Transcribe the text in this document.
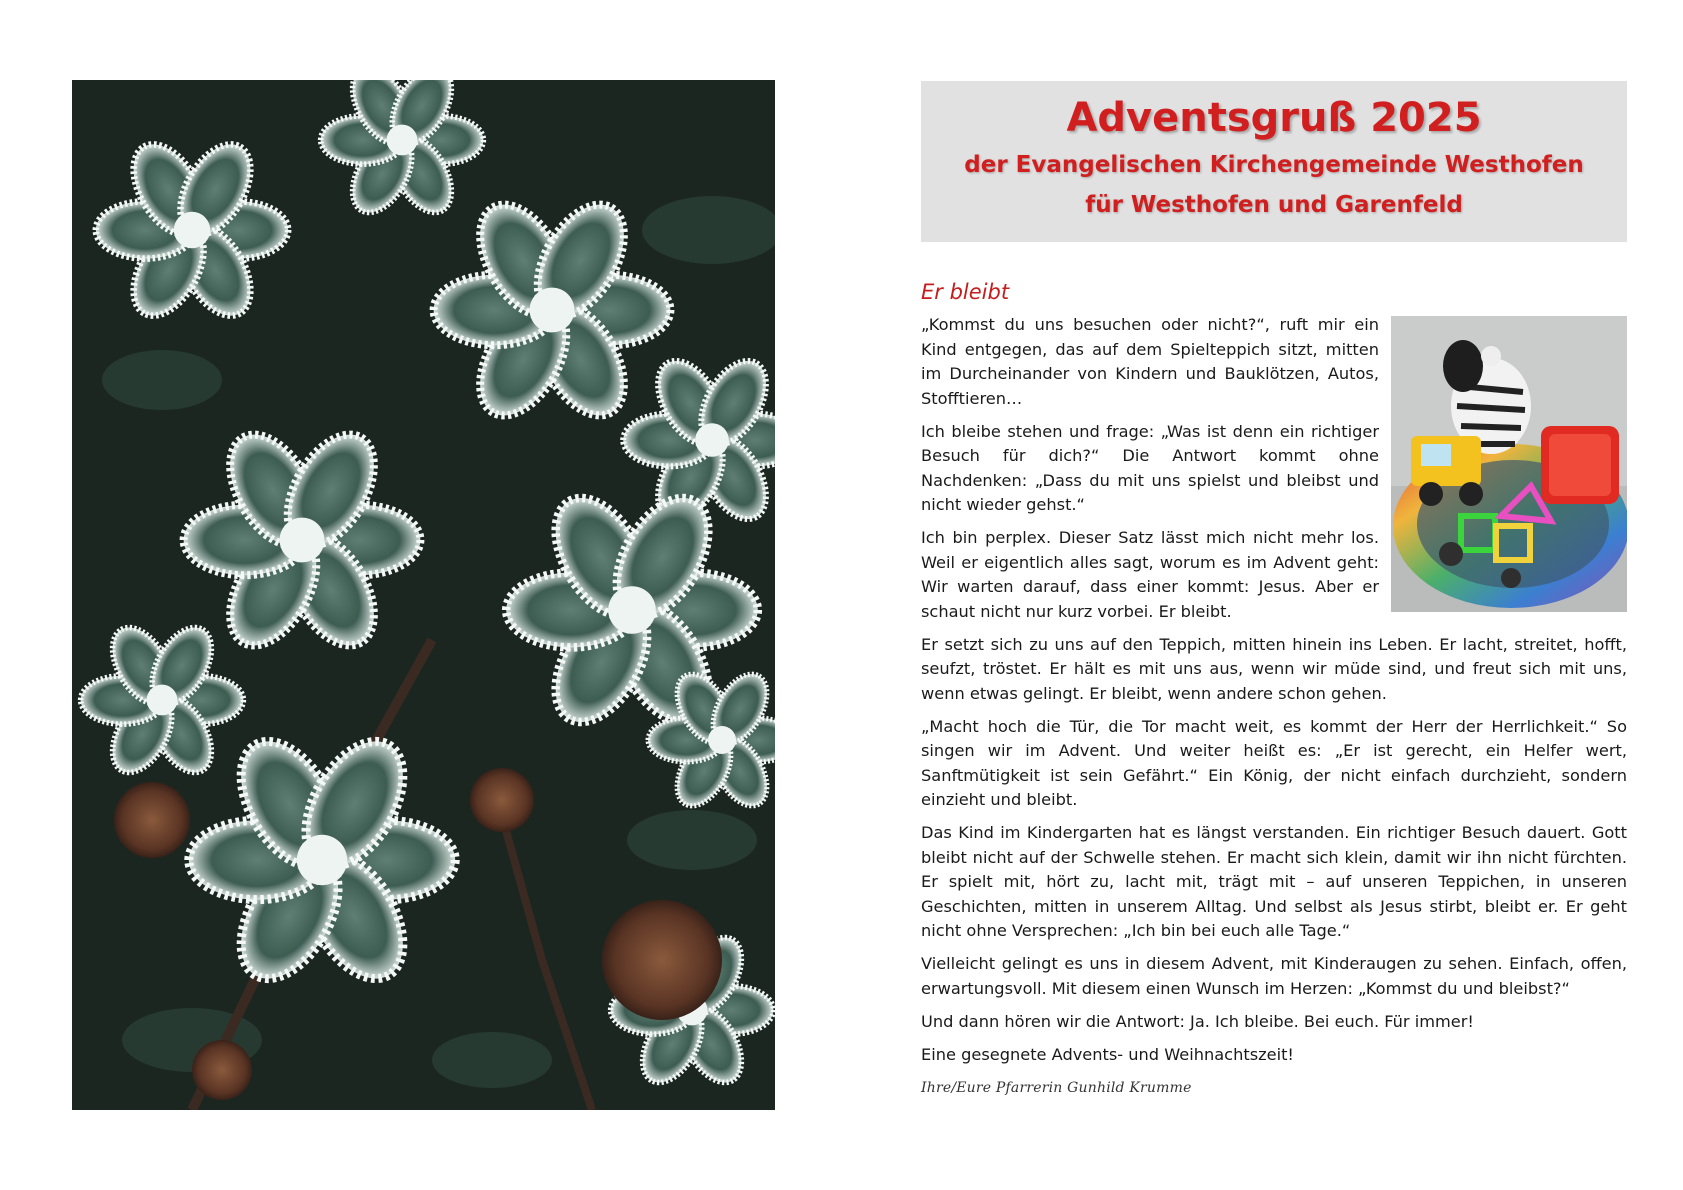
Adventsgruß 2025
der Evangelischen Kirchengemeinde Westhofen
für Westhofen und Garenfeld
Er bleibt

„Kommst du uns besuchen oder nicht?“, ruft mir ein Kind entgegen, das auf dem Spielteppich sitzt, mitten im Durcheinander von Kindern und Bauklötzen, Autos, Stofftieren…

Ich bleibe stehen und frage: „Was ist denn ein richtiger Besuch für dich?“ Die Antwort kommt ohne Nachdenken: „Dass du mit uns spielst und bleibst und nicht wieder gehst.“

Ich bin perplex. Dieser Satz lässt mich nicht mehr los. Weil er eigentlich alles sagt, worum es im Advent geht: Wir warten darauf, dass einer kommt: Jesus. Aber er schaut nicht nur kurz vorbei. Er bleibt.

Er setzt sich zu uns auf den Teppich, mitten hinein ins Leben. Er lacht, streitet, hofft, seufzt, tröstet. Er hält es mit uns aus, wenn wir müde sind, und freut sich mit uns, wenn etwas gelingt. Er bleibt, wenn andere schon gehen.

„Macht hoch die Tür, die Tor macht weit, es kommt der Herr der Herrlichkeit.“ So singen wir im Advent. Und weiter heißt es: „Er ist gerecht, ein Helfer wert, Sanftmütigkeit ist sein Gefährt.“ Ein König, der nicht einfach durchzieht, sondern einzieht und bleibt.

Das Kind im Kindergarten hat es längst verstanden. Ein richtiger Besuch dauert. Gott bleibt nicht auf der Schwelle stehen. Er macht sich klein, damit wir ihn nicht fürchten. Er spielt mit, hört zu, lacht mit, trägt mit – auf unseren Teppichen, in unseren Geschichten, mitten in unserem Alltag. Und selbst als Jesus stirbt, bleibt er. Er geht nicht ohne Versprechen: „Ich bin bei euch alle Tage.“

Vielleicht gelingt es uns in diesem Advent, mit Kinderaugen zu sehen. Einfach, offen, erwartungsvoll. Mit diesem einen Wunsch im Herzen: „Kommst du und bleibst?“

Und dann hören wir die Antwort: Ja. Ich bleibe. Bei euch. Für immer!

Eine gesegnete Advents- und Weihnachtszeit!

Ihre/Eure Pfarrerin Gunhild Krumme
